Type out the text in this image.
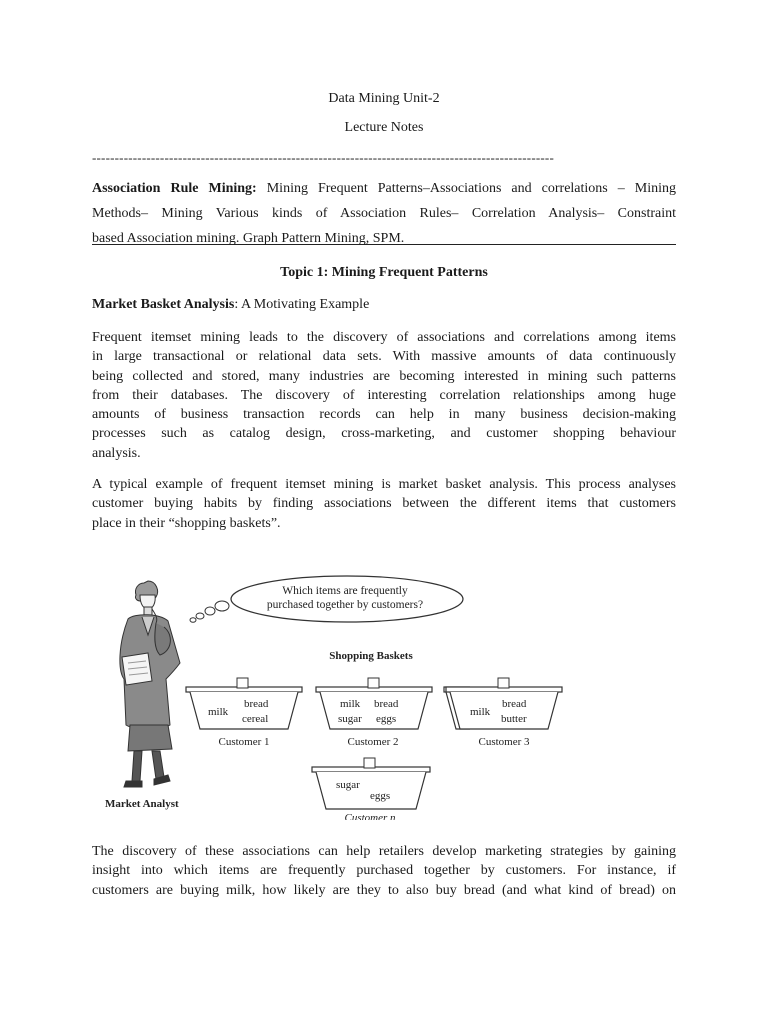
Data Mining Unit-2
Lecture Notes
------------------------------------------------------------------------------------------------------
Association Rule Mining: Mining Frequent Patterns–Associations and correlations – Mining
Methods– Mining Various kinds of Association Rules– Correlation Analysis– Constraint
based Association mining. Graph Pattern Mining, SPM.
Topic 1: Mining Frequent Patterns
Market Basket Analysis: A Motivating Example
Frequent itemset mining leads to the discovery of associations and correlations among items
in large transactional or relational data sets. With massive amounts of data continuously
being collected and stored, many industries are becoming interested in mining such patterns
from their databases. The discovery of interesting correlation relationships among huge
amounts of business transaction records can help in many business decision-making
processes such as catalog design, cross-marketing, and customer shopping behaviour
analysis.
A typical example of frequent itemset mining is market basket analysis. This process analyses
customer buying habits by finding associations between the different items that customers
place in their “shopping baskets”.
Which items are frequently
purchased together by customers?
Market Analyst
Shopping Baskets
milk
bread
cereal
Customer 1
milk bread
sugar eggs
Customer 2
sugar
eggs
Customer n
milk
bread
butter
Customer 3
The discovery of these associations can help retailers develop marketing strategies by gaining
insight into which items are frequently purchased together by customers. For instance, if
customers are buying milk, how likely are they to also buy bread (and what kind of bread) on
